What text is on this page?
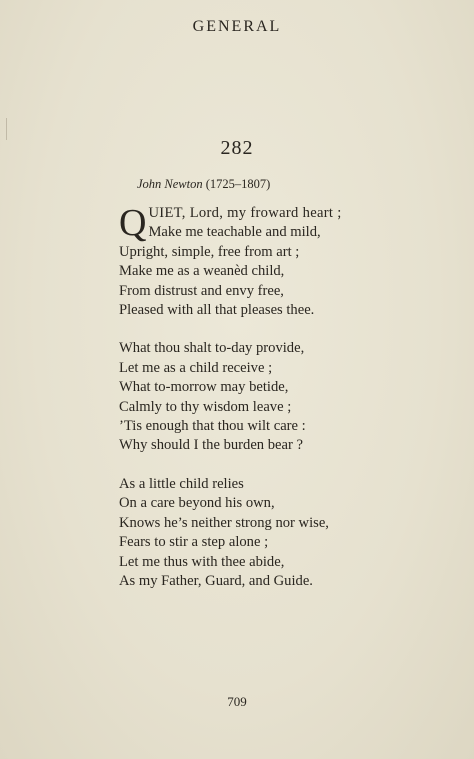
GENERAL
282
John Newton (1725–1807)
Q UIET, Lord, my froward heart ;
Make me teachable and mild,
Upright, simple, free from art ;
Make me as a weanèd child,
From distrust and envy free,
Pleased with all that pleases thee.
What thou shalt to-day provide,
Let me as a child receive ;
What to-morrow may betide,
Calmly to thy wisdom leave ;
’Tis enough that thou wilt care :
Why should I the burden bear ?
As a little child relies
On a care beyond his own,
Knows he’s neither strong nor wise,
Fears to stir a step alone ;
Let me thus with thee abide,
As my Father, Guard, and Guide.
709
